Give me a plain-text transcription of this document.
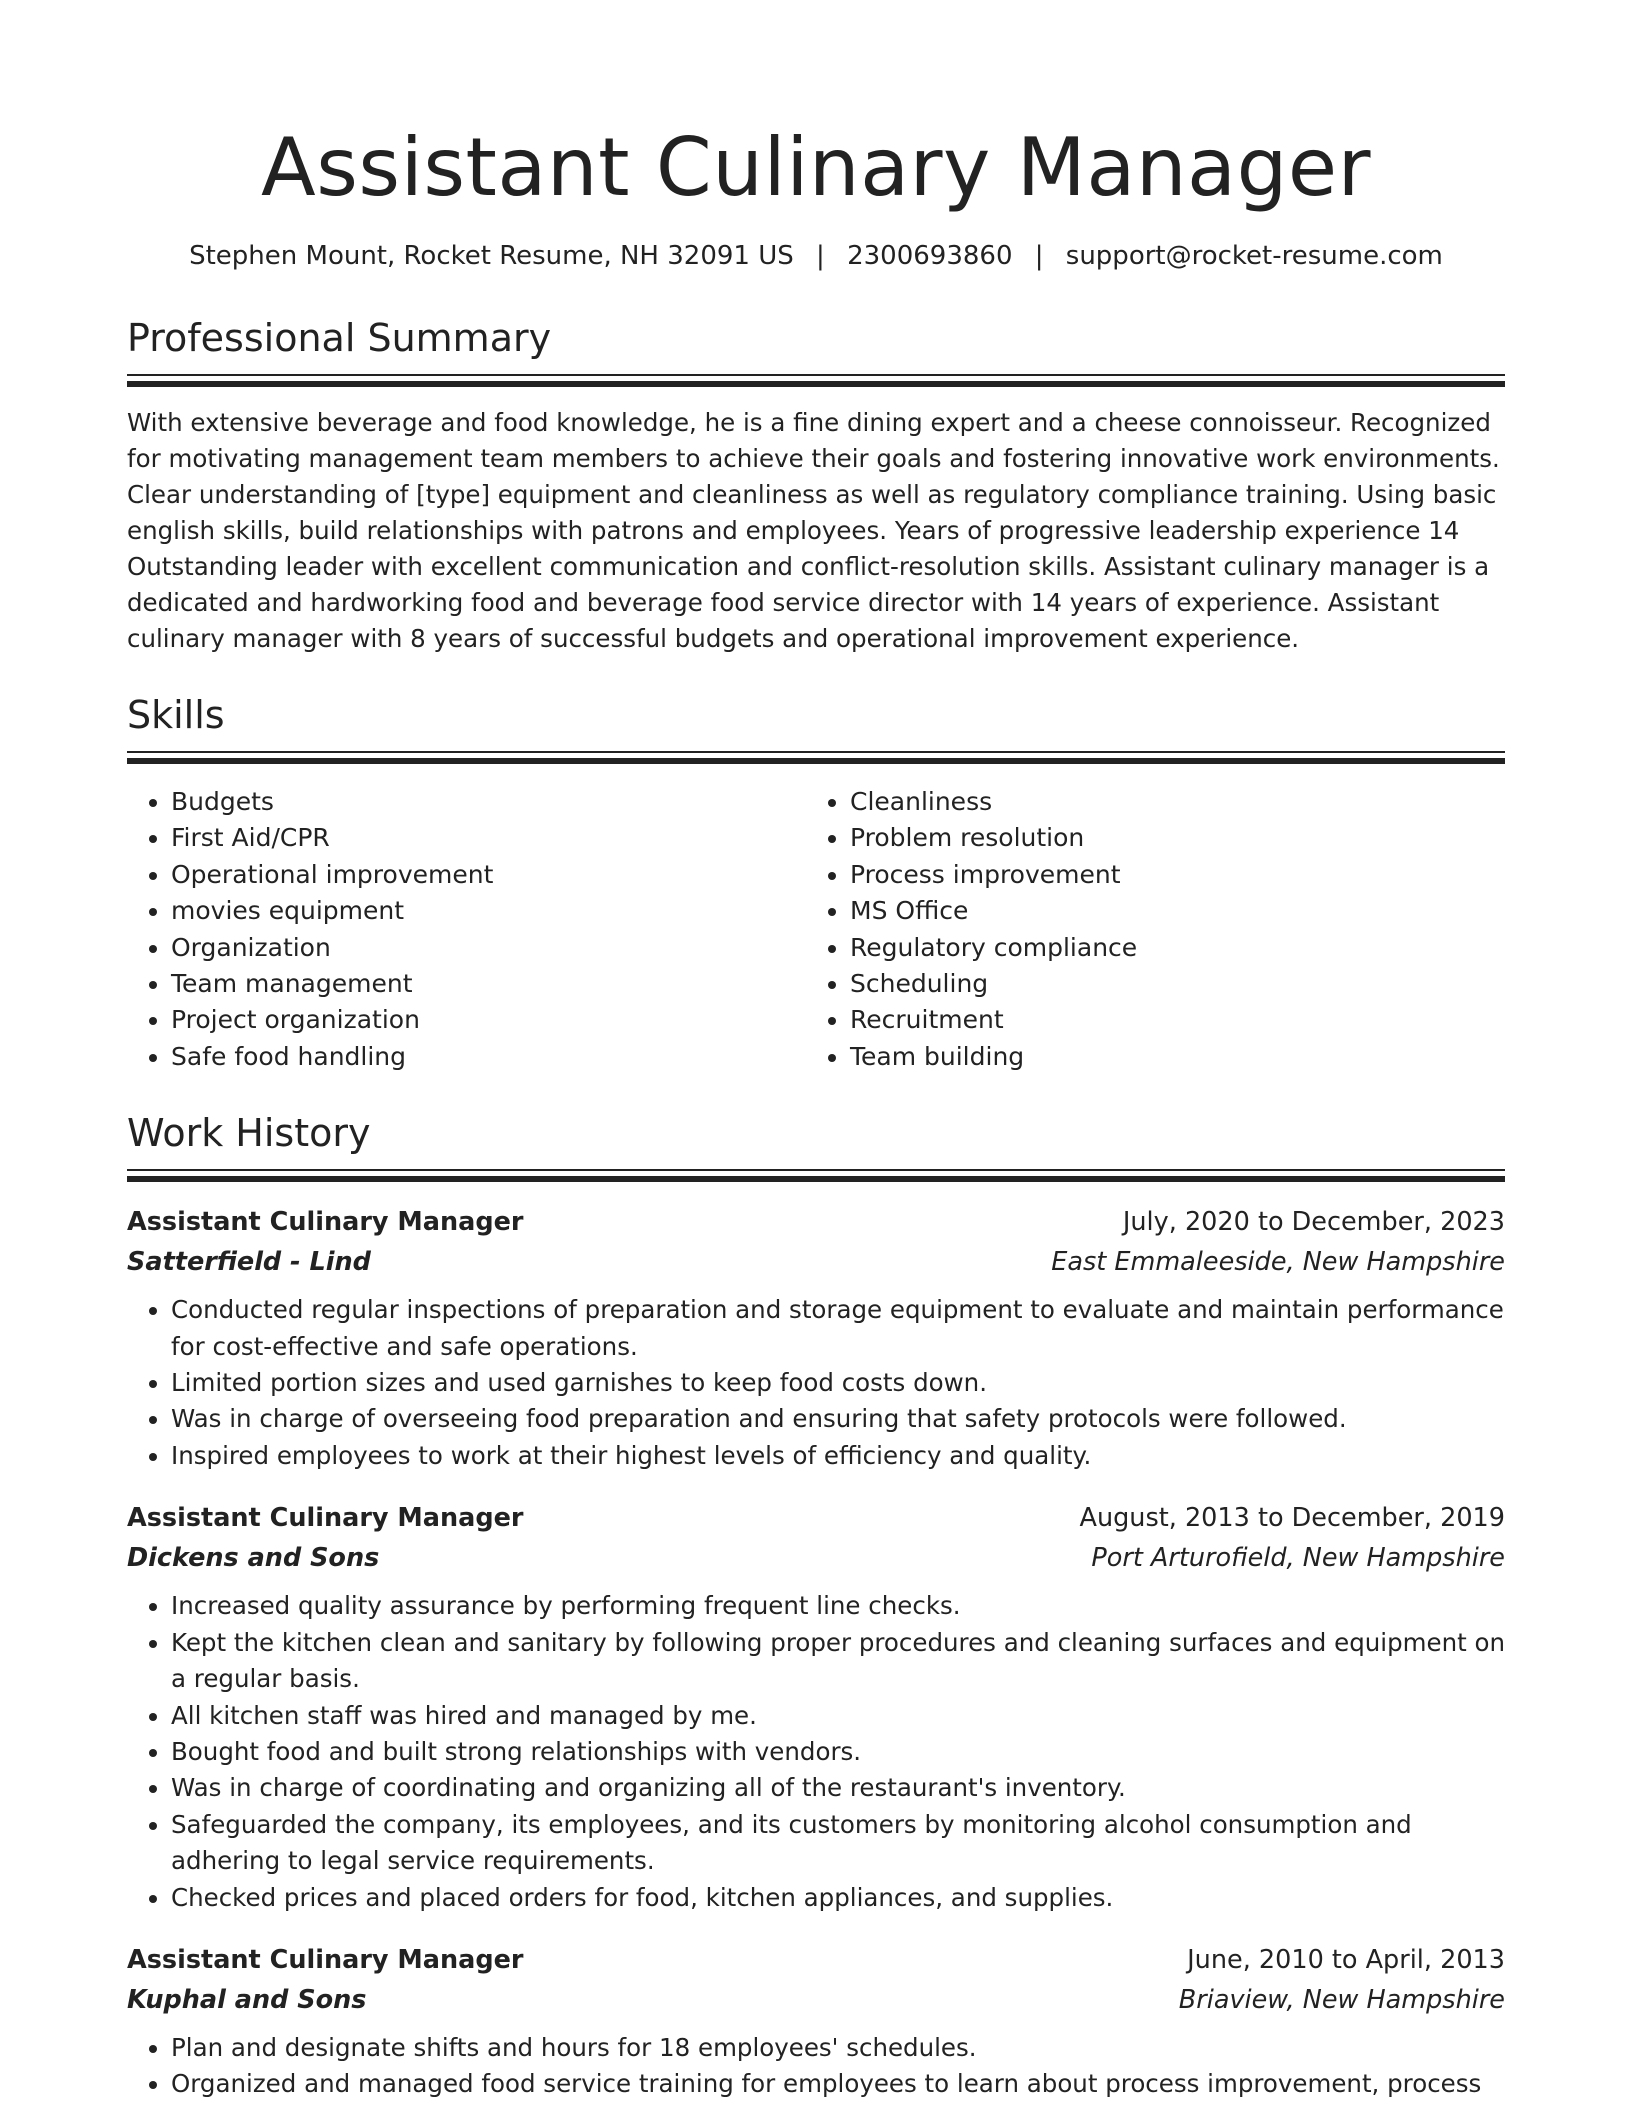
Assistant Culinary Manager
Stephen Mount, Rocket Resume, NH 32091 US | 2300693860 | support@rocket-resume.com
Professional Summary

With extensive beverage and food knowledge, he is a fine dining expert and a cheese connoisseur. Recognized for motivating management team members to achieve their goals and fostering innovative work environments. Clear understanding of [type] equipment and cleanliness as well as regulatory compliance training. Using basic english skills, build relationships with patrons and employees. Years of progressive leadership experience 14 Outstanding leader with excellent communication and conflict-resolution skills. Assistant culinary manager is a dedicated and hardworking food and beverage food service director with 14 years of experience. Assistant culinary manager with 8 years of successful budgets and operational improvement experience.

Skills
• Budgets
• First Aid/CPR
• Operational improvement
• movies equipment
• Organization
• Team management
• Project organization
• Safe food handling
• Cleanliness
• Problem resolution
• Process improvement
• MS Office
• Regulatory compliance
• Scheduling
• Recruitment
• Team building
Work History
Assistant Culinary Manager	July, 2020 to December, 2023
Satterfield - Lind	East Emmaleeside, New Hampshire
• Conducted regular inspections of preparation and storage equipment to evaluate and maintain performance for cost-effective and safe operations.
• Limited portion sizes and used garnishes to keep food costs down.
• Was in charge of overseeing food preparation and ensuring that safety protocols were followed.
• Inspired employees to work at their highest levels of efficiency and quality.
Assistant Culinary Manager	August, 2013 to December, 2019
Dickens and Sons	Port Arturofield, New Hampshire
• Increased quality assurance by performing frequent line checks.
• Kept the kitchen clean and sanitary by following proper procedures and cleaning surfaces and equipment on a regular basis.
• All kitchen staff was hired and managed by me.
• Bought food and built strong relationships with vendors.
• Was in charge of coordinating and organizing all of the restaurant's inventory.
• Safeguarded the company, its employees, and its customers by monitoring alcohol consumption and adhering to legal service requirements.
• Checked prices and placed orders for food, kitchen appliances, and supplies.
Assistant Culinary Manager	June, 2010 to April, 2013
Kuphal and Sons	Briaview, New Hampshire
• Plan and designate shifts and hours for 18 employees' schedules.
• Organized and managed food service training for employees to learn about process improvement, process
